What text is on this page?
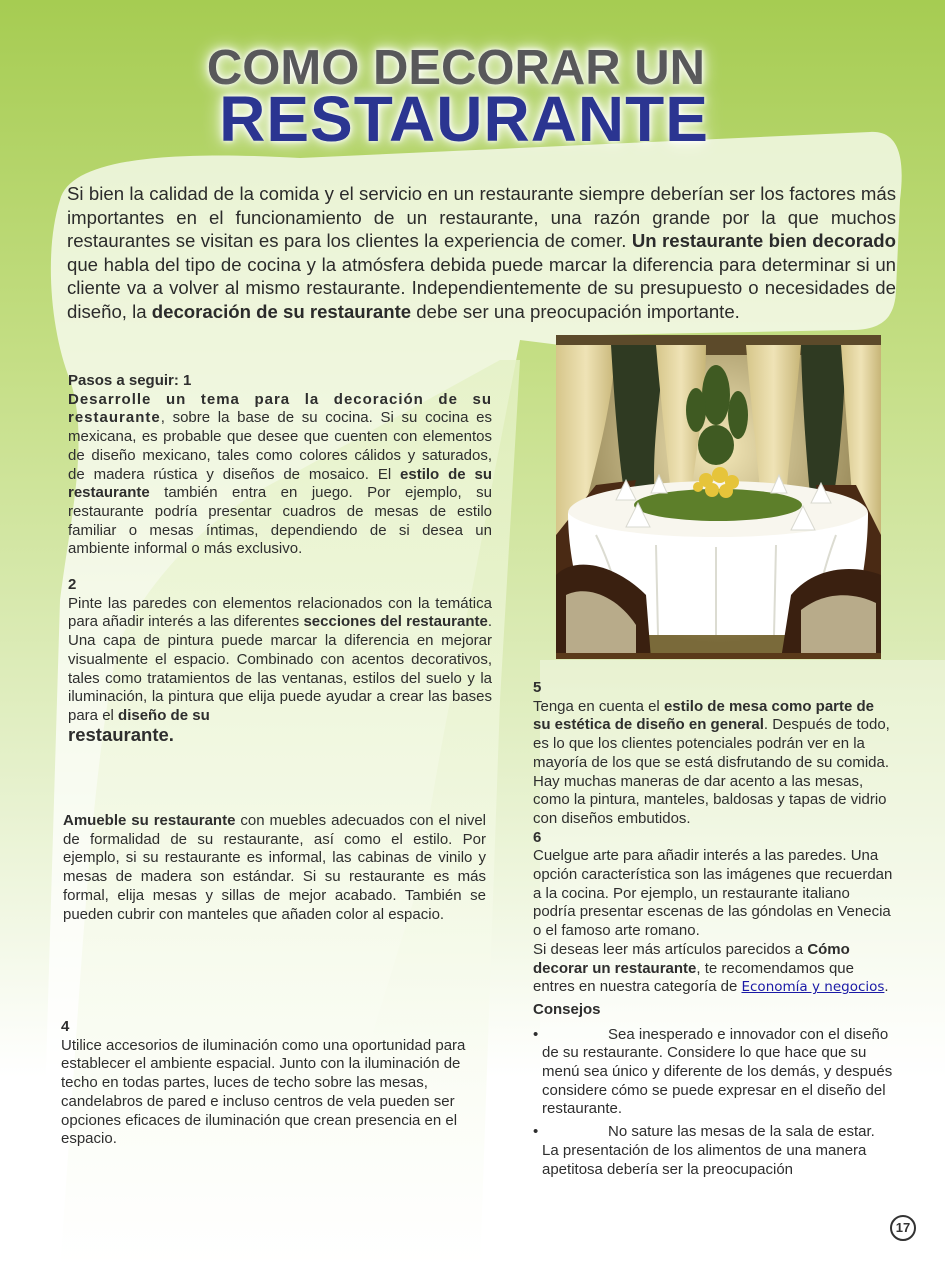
COMO DECORAR UN
RESTAURANTE
Si bien la calidad de la comida y el servicio en un restaurante siempre deberían ser los factores más importantes en el funcionamiento de un restaurante, una razón grande por la que muchos restaurantes se visitan es para los clientes la experiencia de comer. Un restaurante bien decorado que habla del tipo de cocina y la atmósfera debida puede marcar la diferencia para determinar si un cliente va a volver al mismo restaurante. Independientemente de su presupuesto o necesidades de diseño, la decoración de su restaurante debe ser una preocupación importante.

Pasos a seguir: 1

Desarrolle un tema para la decoración de su restaurante, sobre la base de su cocina. Si su cocina es mexicana, es probable que desee que cuenten con elementos de diseño mexicano, tales como colores cálidos y saturados, de madera rústica y diseños de mosaico. El estilo de su restaurante también entra en juego. Por ejemplo, su restaurante podría presentar cuadros de mesas de estilo familiar o mesas íntimas, dependiendo de si desea un ambiente informal o más exclusivo.

2

Pinte las paredes con elementos relacionados con la temática para añadir interés a las diferentes secciones del restaurante. Una capa de pintura puede marcar la diferencia en mejorar visualmente el espacio. Combinado con acentos decorativos, tales como tratamientos de las ventanas, estilos del suelo y la iluminación, la pintura que elija puede ayudar a crear las bases para el diseño de su
restaurante.

Amueble su restaurante con muebles adecuados con el nivel de formalidad de su restaurante, así como el estilo. Por ejemplo, si su restaurante es informal, las cabinas de vinilo y mesas de madera son estándar. Si su restaurante es más formal, elija mesas y sillas de mejor acabado. También se pueden cubrir con manteles que añaden color al espacio.

4

Utilice accesorios de iluminación como una oportunidad para establecer el ambiente espacial. Junto con la iluminación de techo en todas partes, luces de techo sobre las mesas, candelabros de pared e incluso centros de vela pueden ser opciones eficaces de iluminación que crean presencia en el espacio.

5

Tenga en cuenta el estilo de mesa como parte de su estética de diseño en general. Después de todo, es lo que los clientes potenciales podrán ver en la mayoría de los que se está disfrutando de su comida. Hay muchas maneras de dar acento a las mesas, como la pintura, manteles, baldosas y tapas de vidrio con diseños embutidos.

6

Cuelgue arte para añadir interés a las paredes. Una opción característica son las imágenes que recuerdan a la cocina. Por ejemplo, un restaurante italiano podría presentar escenas de las góndolas en Venecia o el famoso arte romano.

Si deseas leer más artículos parecidos a Cómo decorar un restaurante, te recomendamos que entres en nuestra categoría de Economía y negocios.

Consejos

•	Sea inesperado e innovador con el diseño de su restaurante. Considere lo que hace que su menú sea único y diferente de los demás, y después considere cómo se puede expresar en el diseño del restaurante.
•	No sature las mesas de la sala de estar. La presentación de los alimentos de una manera apetitosa debería ser la preocupación
17
